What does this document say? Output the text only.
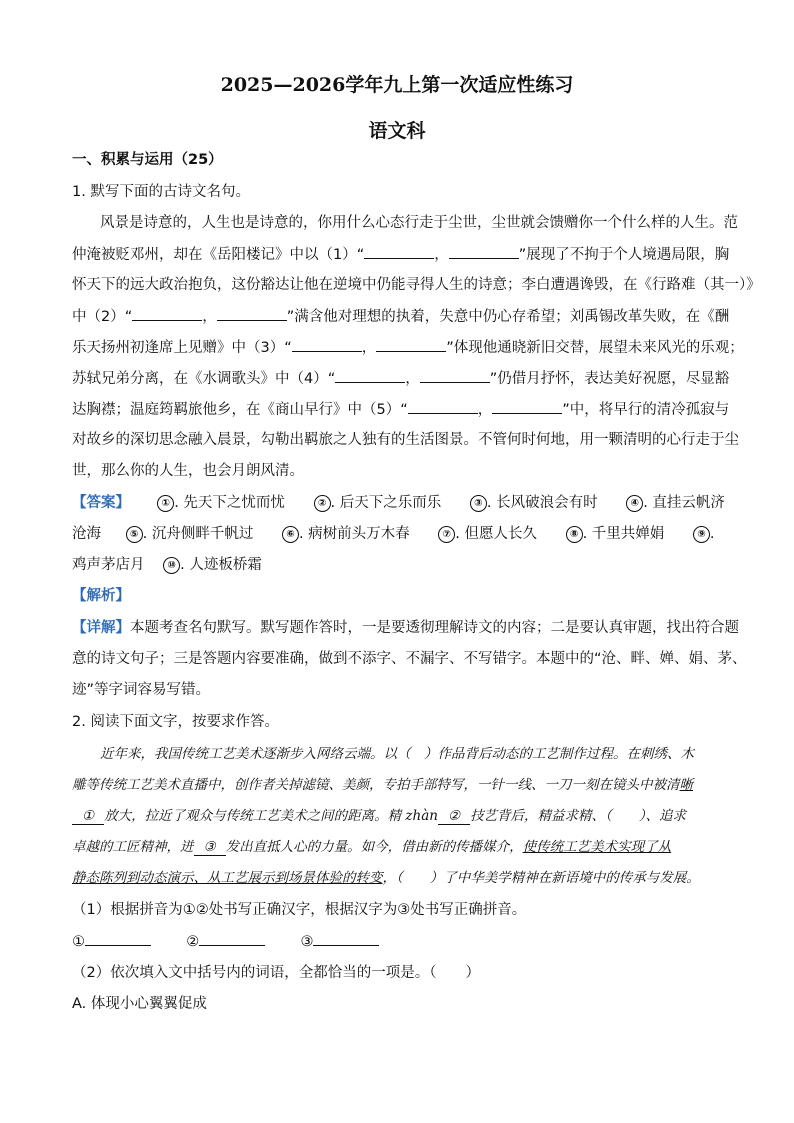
2025—2026学年九上第一次适应性练习
语文科
一、积累与运用（25）
1. 默写下面的古诗文名句。
风景是诗意的，人生也是诗意的，你用什么心态行走于尘世，尘世就会馈赠你一个什么样的人生。范
仲淹被贬邓州，却在《岳阳楼记》中以（1）“	，	”展现了不拘于个人境遇局限，胸
怀天下的远大政治抱负，这份豁达让他在逆境中仍能寻得人生的诗意；李白遭遇谗毁，在《行路难（其一）》
中（2）“	，	”满含他对理想的执着，失意中仍心存希望；刘禹锡改革失败，在《酬
乐天扬州初逢席上见赠》中（3）“	，	”体现他通晓新旧交替，展望未来风光的乐观；
苏轼兄弟分离，在《水调歌头》中（4）“	，	”仍借月抒怀，表达美好祝愿，尽显豁
达胸襟；温庭筠羁旅他乡，在《商山早行》中（5）“	，	”中，将早行的清冷孤寂与
对故乡的深切思念融入晨景，勾勒出羁旅之人独有的生活图景。不管何时何地，用一颗清明的心行走于尘
世，那么你的人生，也会月朗风清。
【答案】	① . 先天下之忧而忧	② . 后天下之乐而乐	③ . 长风破浪会有时	④ . 直挂云帆济
沧海	⑤ . 沉舟侧畔千帆过	⑥ . 病树前头万木春	⑦ . 但愿人长久	⑧ . 千里共婵娟	⑨ .
鸡声茅店月 ⑩ . 人迹板桥霜
【解析】
【详解】本题考查名句默写。默写题作答时，一是要透彻理解诗文的内容；二是要认真审题，找出符合题
意的诗文句子；三是答题内容要准确，做到不添字、不漏字、不写错字。本题中的“沧、畔、婵、娟、茅、
迹”等字词容易写错。
2. 阅读下面文字，按要求作答。
近年来，我国传统工艺美术逐渐步入网络云端。以（　）作品背后动态的工艺制作过程。在刺绣、木
雕等传统工艺美术直播中，创作者关掉滤镜、美颜，专拍手部特写，一针一线、一刀一刻在镜头中被清晰
① 放大，拉近了观众与传统工艺美术之间的距离。精 zhàn ② 技艺背后，精益求精、（　　）、追求
卓越的工匠精神，迸 ③ 发出直抵人心的力量。如今，借由新的传播媒介，使传统工艺美术实现了从
静态陈列到动态演示、从工艺展示到场景体验的转变，（　　）了中华美学精神在新语境中的传承与发展。
（1）根据拼音为①②处书写正确汉字，根据汉字为③处书写正确拼音。
①	②	③
（2）依次填入文中括号内的词语，全都恰当的一项是。（　　）
A. 体现小心翼翼促成
